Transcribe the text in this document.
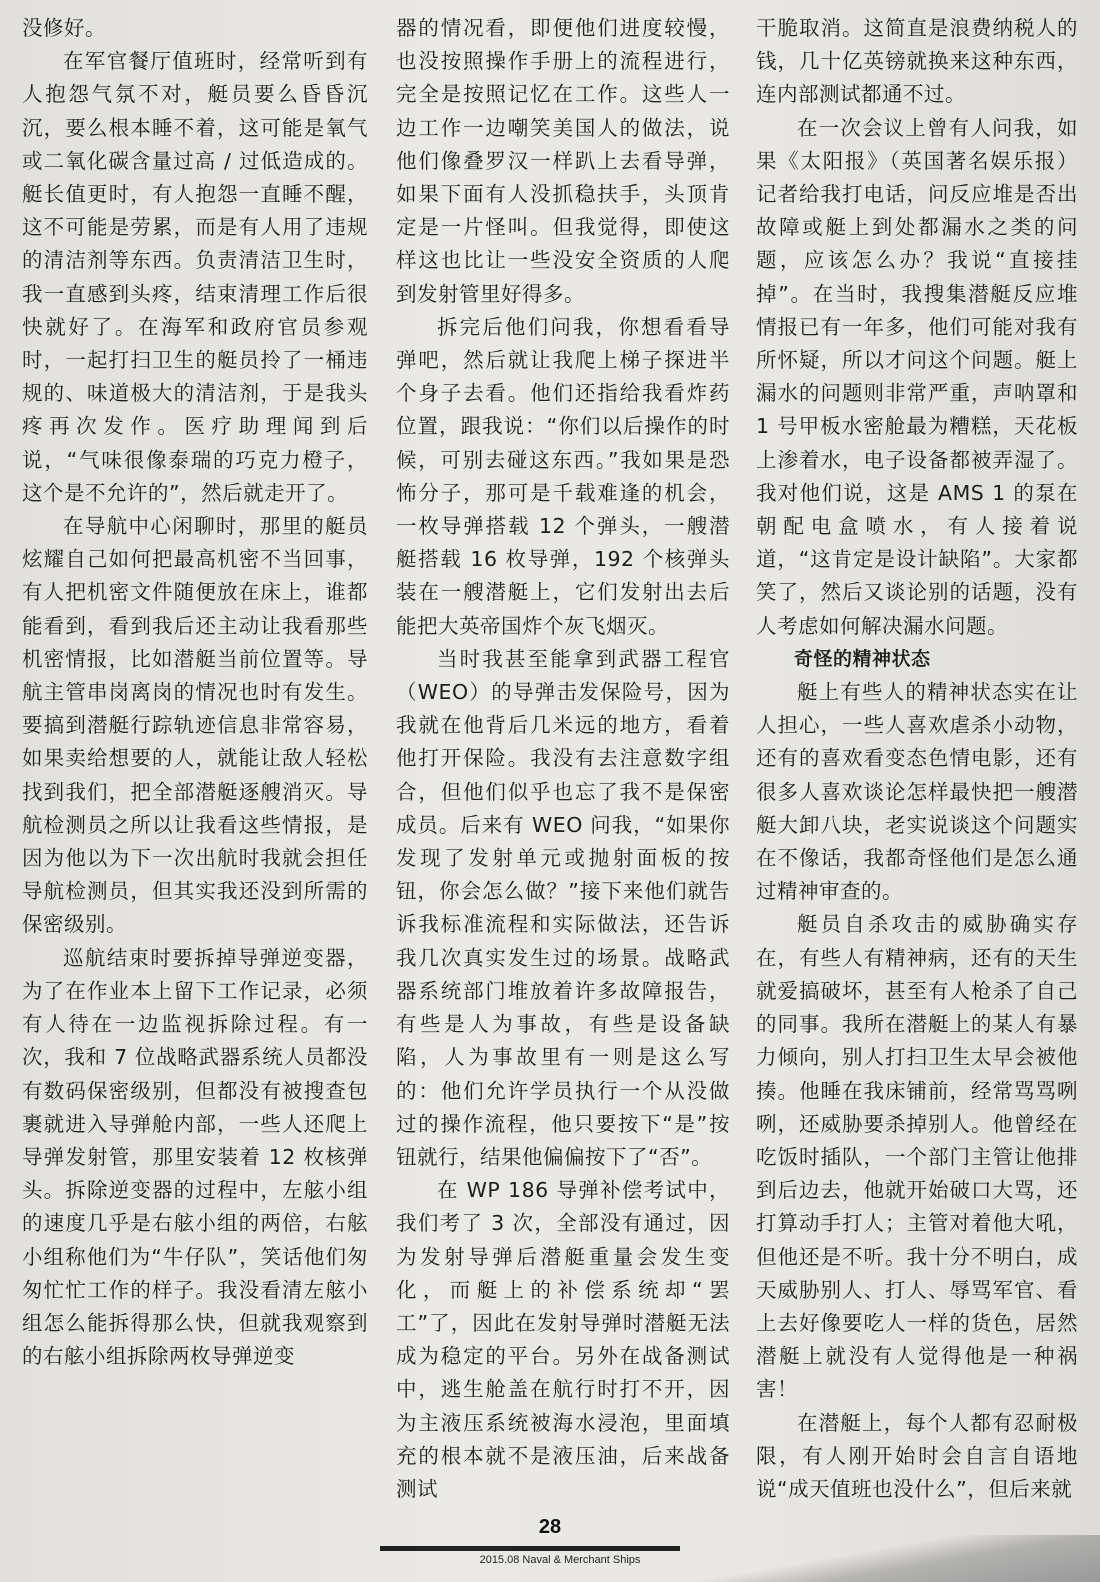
没修好。

在军官餐厅值班时，经常听到有人抱怨气氛不对，艇员要么昏昏沉沉，要么根本睡不着，这可能是氧气或二氧化碳含量过高 / 过低造成的。艇长值更时，有人抱怨一直睡不醒，这不可能是劳累，而是有人用了违规的清洁剂等东西。负责清洁卫生时，我一直感到头疼，结束清理工作后很快就好了。在海军和政府官员参观时，一起打扫卫生的艇员拎了一桶违规的、味道极大的清洁剂，于是我头疼再次发作。医疗助理闻到后说，“气味很像泰瑞的巧克力橙子，这个是不允许的”，然后就走开了。

在导航中心闲聊时，那里的艇员炫耀自己如何把最高机密不当回事，有人把机密文件随便放在床上，谁都能看到，看到我后还主动让我看那些机密情报，比如潜艇当前位置等。导航主管串岗离岗的情况也时有发生。要搞到潜艇行踪轨迹信息非常容易，如果卖给想要的人，就能让敌人轻松找到我们，把全部潜艇逐艘消灭。导航检测员之所以让我看这些情报，是因为他以为下一次出航时我就会担任导航检测员，但其实我还没到所需的保密级别。

巡航结束时要拆掉导弹逆变器，为了在作业本上留下工作记录，必须有人待在一边监视拆除过程。有一次，我和 7 位战略武器系统人员都没有数码保密级别，但都没有被搜查包裹就进入导弹舱内部，一些人还爬上导弹发射管，那里安装着 12 枚核弹头。拆除逆变器的过程中，左舷小组的速度几乎是右舷小组的两倍，右舷小组称他们为“牛仔队”，笑话他们匆匆忙忙工作的样子。我没看清左舷小组怎么能拆得那么快，但就我观察到的右舷小组拆除两枚导弹逆变

器的情况看，即便他们进度较慢，也没按照操作手册上的流程进行，完全是按照记忆在工作。这些人一边工作一边嘲笑美国人的做法，说他们像叠罗汉一样趴上去看导弹，如果下面有人没抓稳扶手，头顶肯定是一片怪叫。但我觉得，即使这样这也比让一些没安全资质的人爬到发射管里好得多。

拆完后他们问我，你想看看导弹吧，然后就让我爬上梯子探进半个身子去看。他们还指给我看炸药位置，跟我说：“你们以后操作的时候，可别去碰这东西。”我如果是恐怖分子，那可是千载难逢的机会，一枚导弹搭载 12 个弹头，一艘潜艇搭载 16 枚导弹，192 个核弹头装在一艘潜艇上，它们发射出去后能把大英帝国炸个灰飞烟灭。

当时我甚至能拿到武器工程官（WEO）的导弹击发保险号，因为我就在他背后几米远的地方，看着他打开保险。我没有去注意数字组合，但他们似乎也忘了我不是保密成员。后来有 WEO 问我，“如果你发现了发射单元或抛射面板的按钮，你会怎么做？”接下来他们就告诉我标准流程和实际做法，还告诉我几次真实发生过的场景。战略武器系统部门堆放着许多故障报告，有些是人为事故，有些是设备缺陷，人为事故里有一则是这么写的：他们允许学员执行一个从没做过的操作流程，他只要按下“是”按钮就行，结果他偏偏按下了“否”。

在 WP 186 导弹补偿考试中，我们考了 3 次，全部没有通过，因为发射导弹后潜艇重量会发生变化，而艇上的补偿系统却“罢工”了，因此在发射导弹时潜艇无法成为稳定的平台。另外在战备测试中，逃生舱盖在航行时打不开，因为主液压系统被海水浸泡，里面填充的根本就不是液压油，后来战备测试

干脆取消。这简直是浪费纳税人的钱，几十亿英镑就换来这种东西，连内部测试都通不过。

在一次会议上曾有人问我，如果《太阳报》（英国著名娱乐报）记者给我打电话，问反应堆是否出故障或艇上到处都漏水之类的问题，应该怎么办？我说“直接挂掉”。在当时，我搜集潜艇反应堆情报已有一年多，他们可能对我有所怀疑，所以才问这个问题。艇上漏水的问题则非常严重，声呐罩和 1 号甲板水密舱最为糟糕，天花板上渗着水，电子设备都被弄湿了。我对他们说，这是 AMS 1 的泵在朝配电盒喷水，有人接着说道，“这肯定是设计缺陷”。大家都笑了，然后又谈论别的话题，没有人考虑如何解决漏水问题。

奇怪的精神状态

艇上有些人的精神状态实在让人担心，一些人喜欢虐杀小动物，还有的喜欢看变态色情电影，还有很多人喜欢谈论怎样最快把一艘潜艇大卸八块，老实说谈这个问题实在不像话，我都奇怪他们是怎么通过精神审查的。

艇员自杀攻击的威胁确实存在，有些人有精神病，还有的天生就爱搞破坏，甚至有人枪杀了自己的同事。我所在潜艇上的某人有暴力倾向，别人打扫卫生太早会被他揍。他睡在我床铺前，经常骂骂咧咧，还威胁要杀掉别人。他曾经在吃饭时插队，一个部门主管让他排到后边去，他就开始破口大骂，还打算动手打人；主管对着他大吼，但他还是不听。我十分不明白，成天威胁别人、打人、辱骂军官、看上去好像要吃人一样的货色，居然潜艇上就没有人觉得他是一种祸害！

在潜艇上，每个人都有忍耐极限，有人刚开始时会自言自语地说“成天值班也没什么”，但后来就

28
2015.08 Naval & Merchant Ships
